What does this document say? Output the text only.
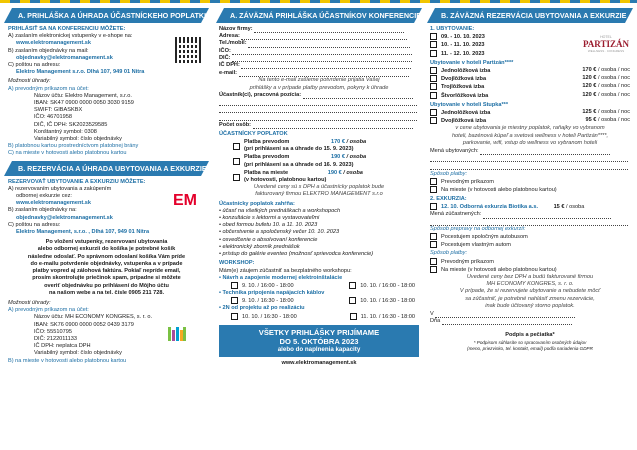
A. PRIHLÁŠKA A ÚHRADA ÚČASTNÍCKEHO POPLATKU
PRIHLÁSIŤ SA NA KONFERENCIU MÔŽETE:
A) zaslaním elektronickej vstupenky v e-shope na:
www.elektromanagement.sk
B) zaslaním objednávky na mail:
objednavky@elektromanagement.sk
C) poštou na adresu:
Elektro Management s.r.o. Dlhá 107, 949 01 Nitra
Možnosti úhrady:
A) prevodným príkazom na účet:
Názov účtu: Elektro Management, s.r.o.
IBAN: SK47 0900 0000 0050 3030 9159
SWIFT: GIBASKBX
IČO: 46701958
DIČ, IČ DPH: SK2023529585
Konštantný symbol: 0308
Variabilný symbol: číslo objednávky
B) platobnou kartou prostredníctvom platobnej brány
C) na mieste v hotovosti alebo platobnou kartou
B. REZERVÁCIA A ÚHRADA UBYTOVANIA A EXKURZIE
REZERVOVAŤ UBYTOVANIE A EXKURZIU MÔŽETE:
A) rezervovaním ubytovania a zakúpením
odbornej exkurzie cez:
www.elektromanagement.sk
B) zaslaním objednávky na:
objednavky@elektromanagement.sk
C) poštou na adresu:
Elektro Management, s.r.o. , Dlhá 107, 949 01 Nitra
EM
Po vložení vstupenky, rezervovaní ubytovania
alebo odbornej exkurzii do košíka je potrebné košík
následne odoslať. Po správnom odoslaní košíka Vám príde
do e-mailu potvrdenie objednávky, vstupenka a v prípade
platby vopred aj zálohová faktúra. Pokiaľ nepríde email,
prosím skontrolujte priečinok spam, prípadne si môžete
overiť objednávku po prihlásení do Môjho účtu
na našom webe a na tel. čísle 0905 211 728.
Možnosti úhrady:
A) prevodným príkazom na účet:
Názov účtu: MH ECONOMY KONGRES, s. r. o.
IBAN: SK76 0900 0000 0052 0439 3179
IČO: 55510795
DIČ: 2122011133
IČ DPH: neplatca DPH
Variabilný symbol: číslo objednávky
B) na mieste v hotovosti alebo platobnou kartou
A. ZÁVÄZNÁ PRIHLÁŠKA ÚČASTNÍKOV KONFERENCIE
Názov firmy:
Adresa:
Tel./mobil:
IČO:
DIČ:
IČ DPH:
e-mail:
Na tento e-mail zašleme potvrdenie prijatia Vašej
prihlášky a v prípade platby prevodom, pokyny k úhrade
Účastník(ci), pracovná pozícia:
Počet osôb:
ÚČASTNÍCKY POPLATOK
Platba prevodom	170 € / osoba
(pri prihlásení sa a úhrade do 15. 9. 2023)
Platba prevodom	190 € / osoba
(pri prihlásení sa a úhrade od 16. 9. 2023)
Platba na mieste	190 € / osoba
(v hotovosti, platobnou kartou)
Uvedené ceny sú s DPH a účastnícky poplatok bude
fakturovaný firmou ELEKTRO MANAGEMENT s.r.o
Účastnícky poplatok zahŕňa:
• účasť na všetkých prednáškach a workshopoch
• konzultácie s lektormi a vystavovateľmi
• obed formou bufetu 10. a 11. 10. 2023
• občerstvenie a spoločenský večer 10. 10. 2023
• osvedčenie o absolvovaní konferencie
• elektronický zborník prednášok
• prístup do galérie eventeo (možnosť sprievodca konferencie)
WORKSHOP:
Mám(e) záujem zúčastniť sa bezplatného workshopu:
• Návrh a zapojenie modernej elektroinštalácie
9. 10. / 16:00 - 18:00	10. 10. / 16:00 - 18:00
• Technika pripojenia napájacích káblov
9. 10. / 16:30 - 18:00	10. 10. / 16:30 - 18:00
• 2N od projektu až po realizáciu
10. 10. / 16:30 - 18:00	11. 10. / 16:30 - 18:00
VŠETKY PRIHLÁŠKY PRIJÍMAME
DO 5. OKTÓBRA 2023
alebo do naplnenia kapacity
www.elektromanagement.sk
B. ZÁVÄZNÁ REZERVÁCIA UBYTOVANIA A EXKURZIE
1. UBYTOVANIE:
09. - 10. 10. 2023
10. - 11. 10. 2023
11. - 12. 10. 2023
HOTEL
PARTIZÁN
WELLNESS · CONGRESS
Ubytovanie v hoteli Partizán****
Jednolôžková izba	170 € / osoba / noc
Dvojlôžková izba	120 € / osoba / noc
Trojlôžková izba	120 € / osoba / noc
Štvorlôžková izba	120 € / osoba / noc
Ubytovanie v hoteli Stupka***
Jednolôžková izba	125 € / osoba / noc
Dvojlôžková izba	95 € / osoba / noc
v cene ubytovania je miestny poplatok, raňajky vo vybranom
hoteli, bazénová kúpeľ a svetová wellness v hoteli Partizán****,
parkovanie, wifi, vstup do wellness vo vybranom hoteli
Mená ubytovaných:
Spôsob platby:
Prevodným príkazom
Na mieste (v hotovosti alebo platobnou kartou)
2. EXKURZIA:
12. 10. Odborná exkurzia Biotika a.s.	15 € / osoba
Mená zúčastnených:
Spôsob prepravy na odbornej exkurzii:
Pocestujem spoločným autobusom
Pocestujem vlastným autom
Spôsob platby:
Prevodným príkazom
Na mieste (v hotovosti alebo platobnou kartou)
Uvedené ceny bez DPH a budú fakturované firmou
MH ECONOMY KONGRES, s. r. o.
V prípade, že si rezervujete ubytovanie a nebudete môcť
sa zúčastniť, je potrebné nahlásiť zmenu rezervácie,
inak bude účtovaný storno poplatok.
V
Dňa
Podpis a pečiatka*
* Podpisom súhlasíte so spracovaním osobných údajov
(meno, priezvisko, tel. kontakt, email) podľa nariadenia GDPR
